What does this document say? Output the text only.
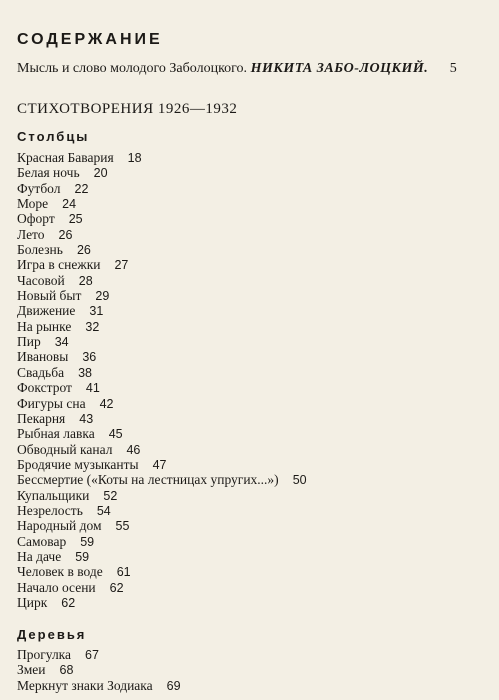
СОДЕРЖАНИЕ
Мысль и слово молодого Заболоцкого. НИКИТА ЗАБО-ЛОЦКИЙ. 5
СТИХОТВОРЕНИЯ 1926—1932
Столбцы
Красная Бавария 18
Белая ночь 20
Футбол 22
Море 24
Офорт 25
Лето 26
Болезнь 26
Игра в снежки 27
Часовой 28
Новый быт 29
Движение 31
На рынке 32
Пир 34
Ивановы 36
Свадьба 38
Фокстрот 41
Фигуры сна 42
Пекарня 43
Рыбная лавка 45
Обводный канал 46
Бродячие музыканты 47
Бессмертие («Коты на лестницах упругих...») 50
Купальщики 52
Незрелость 54
Народный дом 55
Самовар 59
На даче 59
Человек в воде 61
Начало осени 62
Цирк 62
Деревья
Прогулка 67
Змеи 68
Меркнут знаки Зодиака 69
